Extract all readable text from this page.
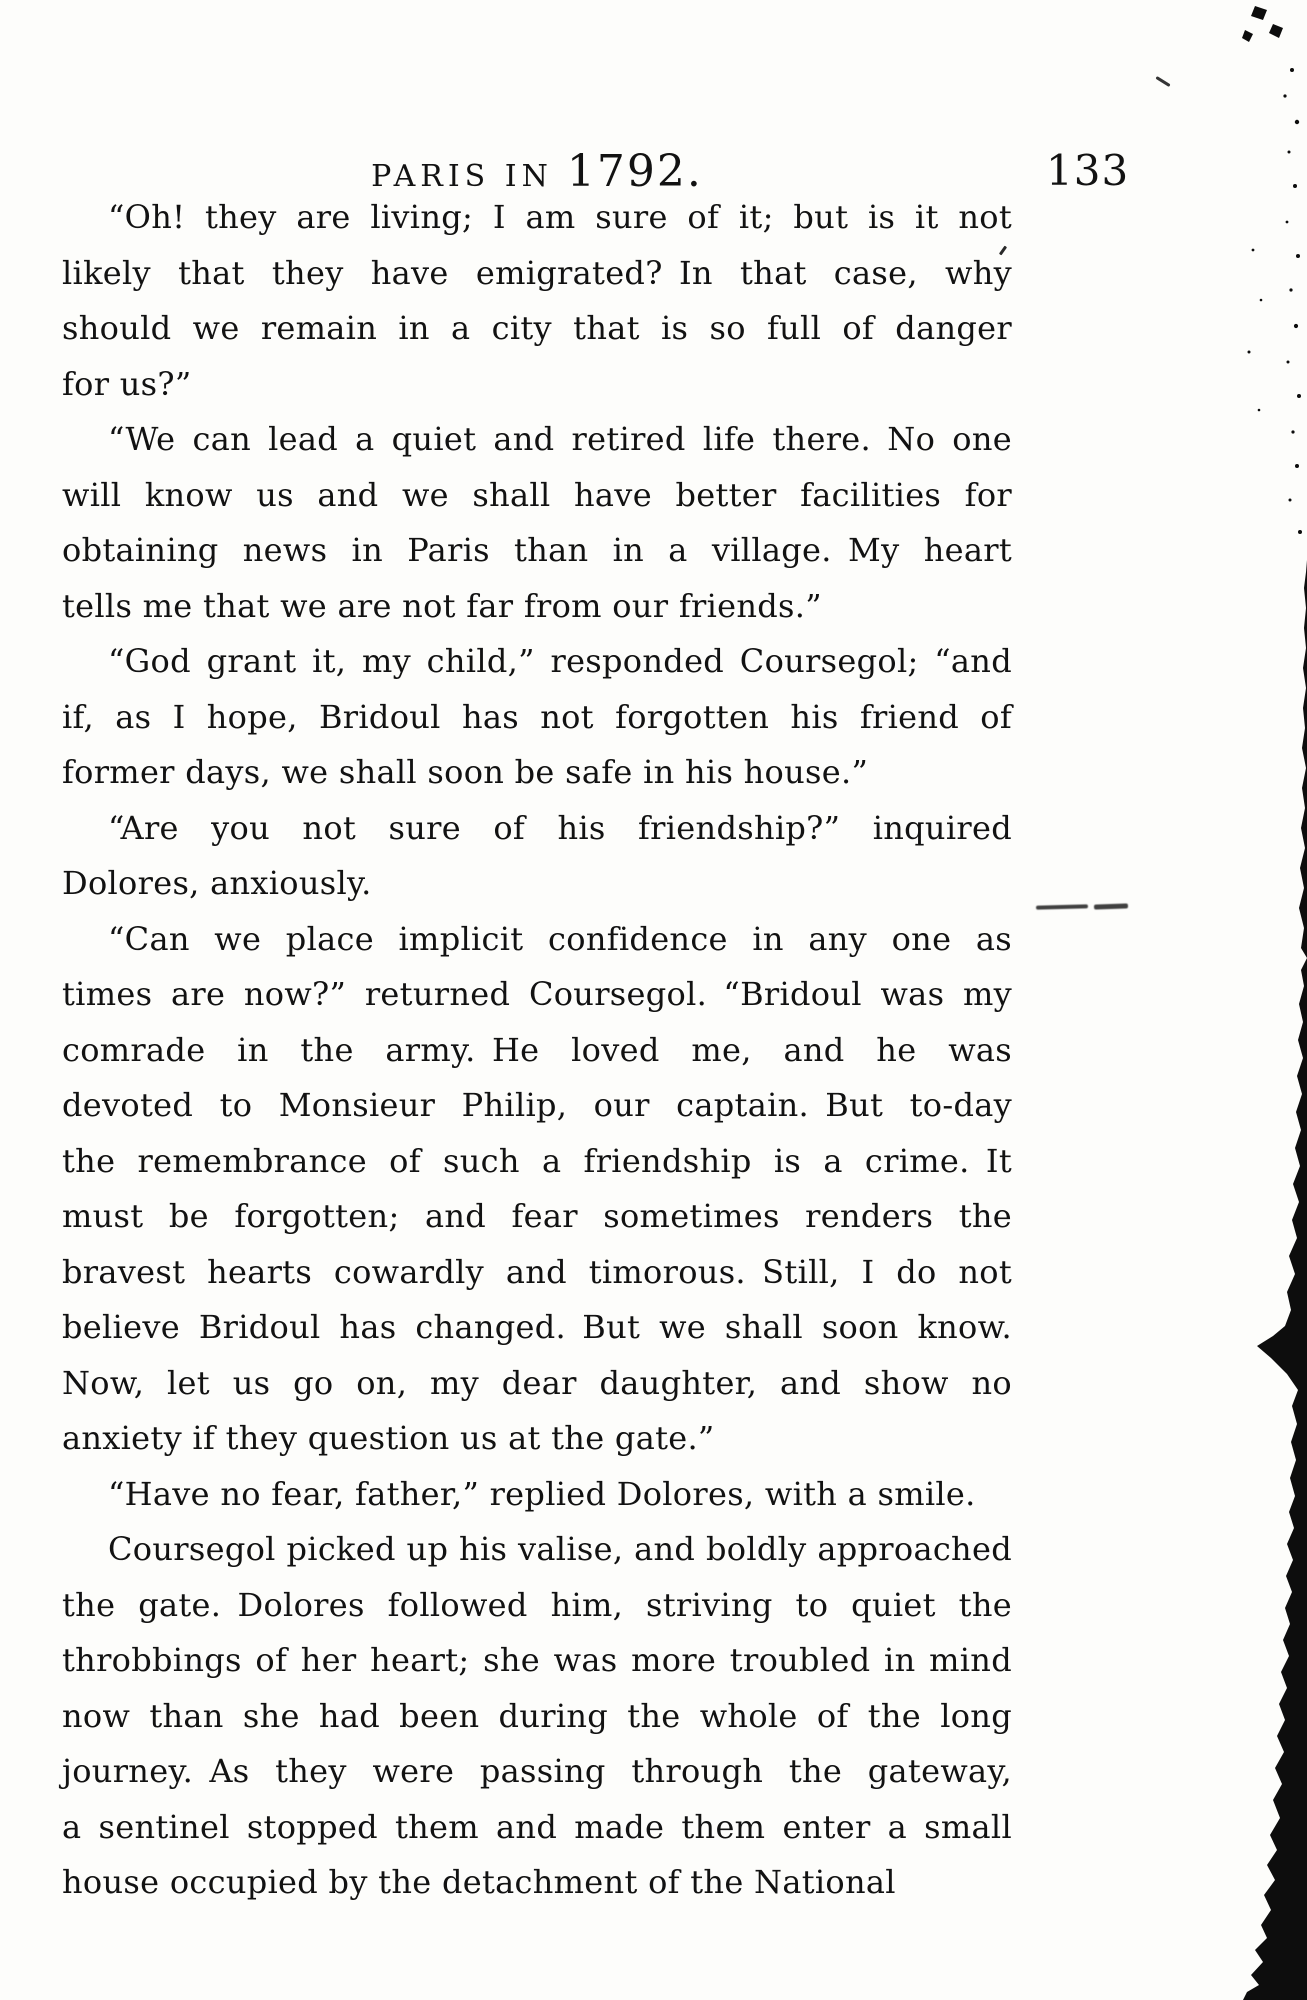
PARIS IN 1792.	133
“Oh! they are living; I am sure of it; but is it not
likely that they have emigrated? In that case, why
should we remain in a city that is so full of danger
for us?”
“We can lead a quiet and retired life there. No one
will know us and we shall have better facilities for
obtaining news in Paris than in a village. My heart
tells me that we are not far from our friends.”
“God grant it, my child,” responded Coursegol; “and
if, as I hope, Bridoul has not forgotten his friend of
former days, we shall soon be safe in his house.”
“Are you not sure of his friendship?” inquired
Dolores, anxiously.
“Can we place implicit confidence in any one as
times are now?” returned Coursegol. “Bridoul was my
comrade in the army. He loved me, and he was
devoted to Monsieur Philip, our captain. But to-day
the remembrance of such a friendship is a crime. It
must be forgotten; and fear sometimes renders the
bravest hearts cowardly and timorous. Still, I do not
believe Bridoul has changed. But we shall soon know.
Now, let us go on, my dear daughter, and show no
anxiety if they question us at the gate.”
“Have no fear, father,” replied Dolores, with a smile.
Coursegol picked up his valise, and boldly approached
the gate. Dolores followed him, striving to quiet the
throbbings of her heart; she was more troubled in mind
now than she had been during the whole of the long
journey. As they were passing through the gateway,
a sentinel stopped them and made them enter a small
house occupied by the detachment of the National
